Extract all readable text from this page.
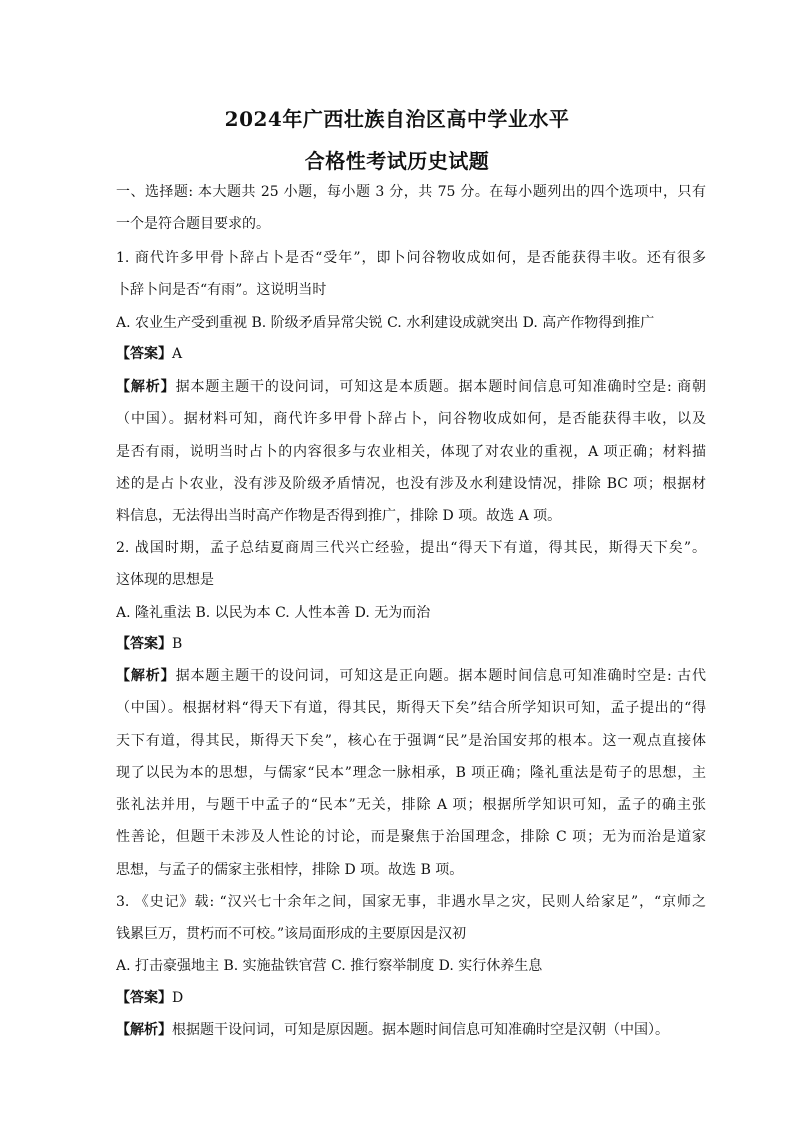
2024年广西壮族自治区高中学业水平
合格性考试历史试题
一、选择题: 本大题共 25 小题，每小题 3 分，共 75 分。在每小题列出的四个选项中，只有
一个是符合题目要求的。
1. 商代许多甲骨卜辞占卜是否“受年”，即卜问谷物收成如何，是否能获得丰收。还有很多
卜辞卜问是否“有雨”。这说明当时
A. 农业生产受到重视 B. 阶级矛盾异常尖锐 C. 水利建设成就突出 D. 高产作物得到推广
【答案】A
【解析】据本题主题干的设问词，可知这是本质题。据本题时间信息可知准确时空是: 商朝
（中国）。据材料可知，商代许多甲骨卜辞占卜，问谷物收成如何，是否能获得丰收，以及
是否有雨，说明当时占卜的内容很多与农业相关，体现了对农业的重视，A 项正确；材料描
述的是占卜农业，没有涉及阶级矛盾情况，也没有涉及水利建设情况，排除 BC 项；根据材
料信息，无法得出当时高产作物是否得到推广，排除 D 项。故选 A 项。
2. 战国时期，孟子总结夏商周三代兴亡经验，提出“得天下有道，得其民，斯得天下矣”。
这体现的思想是
A. 隆礼重法 B. 以民为本 C. 人性本善 D. 无为而治
【答案】B
【解析】据本题主题干的设问词，可知这是正向题。据本题时间信息可知准确时空是: 古代
（中国）。根据材料“得天下有道，得其民，斯得天下矣”结合所学知识可知，孟子提出的“得
天下有道，得其民，斯得天下矣”，核心在于强调“民”是治国安邦的根本。这一观点直接体
现了以民为本的思想，与儒家“民本”理念一脉相承，B 项正确；隆礼重法是荀子的思想，主
张礼法并用，与题干中孟子的“民本”无关，排除 A 项；根据所学知识可知，孟子的确主张
性善论，但题干未涉及人性论的讨论，而是聚焦于治国理念，排除 C 项；无为而治是道家
思想，与孟子的儒家主张相悖，排除 D 项。故选 B 项。
3. 《史记》载: “汉兴七十余年之间，国家无事，非遇水旱之灾，民则人给家足”，“京师之
钱累巨万，贯朽而不可校。”该局面形成的主要原因是汉初
A. 打击豪强地主 B. 实施盐铁官营 C. 推行察举制度 D. 实行休养生息
【答案】D
【解析】根据题干设问词，可知是原因题。据本题时间信息可知准确时空是汉朝（中国）。
